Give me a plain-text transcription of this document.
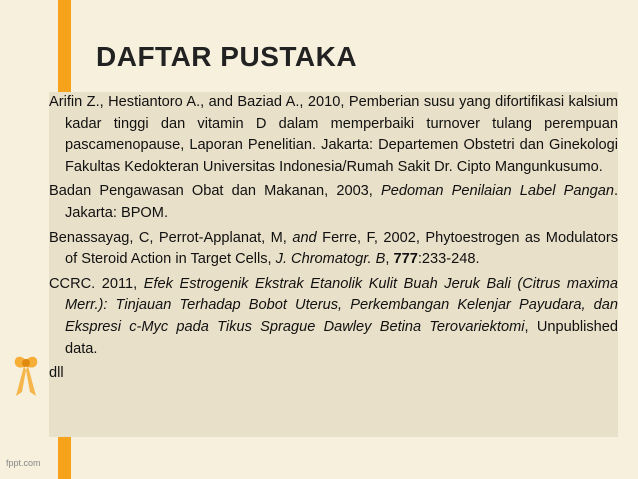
DAFTAR PUSTAKA

Arifin Z., Hestiantoro A., and Baziad A., 2010, Pemberian susu yang difortifikasi kalsium kadar tinggi dan vitamin D dalam memperbaiki turnover tulang perempuan pascamenopause, Laporan Penelitian. Jakarta: Departemen Obstetri dan Ginekologi Fakultas Kedokteran Universitas Indonesia/Rumah Sakit Dr. Cipto Mangunkusumo.

Badan Pengawasan Obat dan Makanan, 2003, Pedoman Penilaian Label Pangan. Jakarta: BPOM.

Benassayag, C, Perrot-Applanat, M, and Ferre, F, 2002, Phytoestrogen as Modulators of Steroid Action in Target Cells, J. Chromatogr. B, 777:233-248.

CCRC. 2011, Efek Estrogenik Ekstrak Etanolik Kulit Buah Jeruk Bali (Citrus maxima Merr.): Tinjauan Terhadap Bobot Uterus, Perkembangan Kelenjar Payudara, dan Ekspresi c-Myc pada Tikus Sprague Dawley Betina Terovariektomi, Unpublished data.

dll

fppt.com
